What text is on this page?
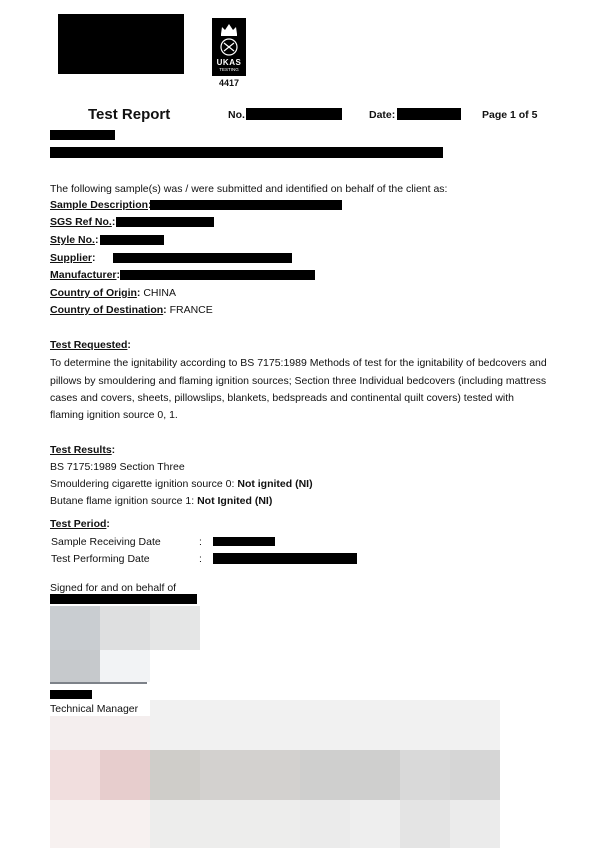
UKAS
TESTING
4417
Test Report	No.	Date:	Page 1 of 5
The following sample(s) was / were submitted and identified on behalf of the client as:
Sample Description
SGS Ref No.:
Style No.:
Supplier:
Manufacturer:
Country of Origin: CHINA
Country of Destination: FRANCE
Test Requested:
To determine the ignitability according to BS 7175:1989 Methods of test for the ignitability of bedcovers and
pillows by smouldering and flaming ignition sources; Section three Individual bedcovers (including mattress
cases and covers, sheets, pillowslips, blankets, bedspreads and continental quilt covers) tested with
flaming ignition source 0, 1.
Test Results:
BS 7175:1989 Section Three
Smouldering cigarette ignition source 0: Not ignited (NI)
Butane flame ignition source 1: Not Ignited (NI)
Test Period:
Sample Receiving Date	:
Test Performing Date	:
Signed for and on behalf of
Technical Manager
